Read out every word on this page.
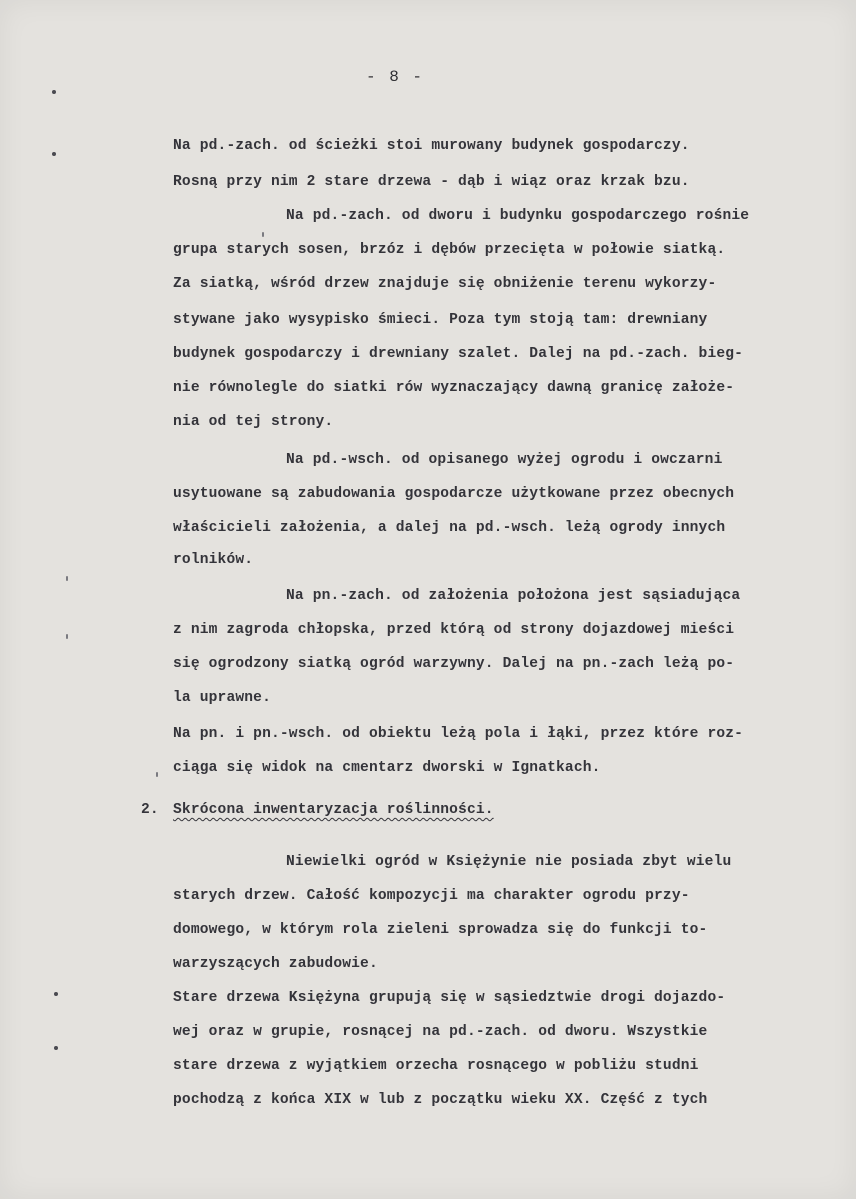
- 8 -
Na pd.-zach. od ścieżki stoi murowany budynek gospodarczy.
Rosną przy nim 2 stare drzewa - dąb i wiąz oraz krzak bzu.
Na pd.-zach. od dworu i budynku gospodarczego rośnie
grupa starych sosen, brzóz i dębów przecięta w połowie siatką.
Za siatką, wśród drzew znajduje się obniżenie terenu wykorzy-
stywane jako wysypisko śmieci. Poza tym stoją tam: drewniany
budynek gospodarczy i drewniany szalet. Dalej na pd.-zach. bieg-
nie równolegle do siatki rów wyznaczający dawną granicę założe-
nia od tej strony.
Na pd.-wsch. od opisanego wyżej ogrodu i owczarni
usytuowane są zabudowania gospodarcze użytkowane przez obecnych
właścicieli założenia, a dalej na pd.-wsch. leżą ogrody innych
rolników.
Na pn.-zach. od założenia położona jest sąsiadująca
z nim zagroda chłopska, przed którą od strony dojazdowej mieści
się ogrodzony siatką ogród warzywny. Dalej na pn.-zach leżą po-
la uprawne.
Na pn. i pn.-wsch. od obiektu leżą pola i łąki, przez które roz-
ciąga się widok na cmentarz dworski w Ignatkach.
2. Skrócona inwentaryzacja roślinności.
Niewielki ogród w Księżynie nie posiada zbyt wielu
starych drzew. Całość kompozycji ma charakter ogrodu przy-
domowego, w którym rola zieleni sprowadza się do funkcji to-
warzyszących zabudowie.
Stare drzewa Księżyna grupują się w sąsiedztwie drogi dojazdo-
wej oraz w grupie, rosnącej na pd.-zach. od dworu. Wszystkie
stare drzewa z wyjątkiem orzecha rosnącego w pobliżu studni
pochodzą z końca XIX w lub z początku wieku XX. Część z tych
